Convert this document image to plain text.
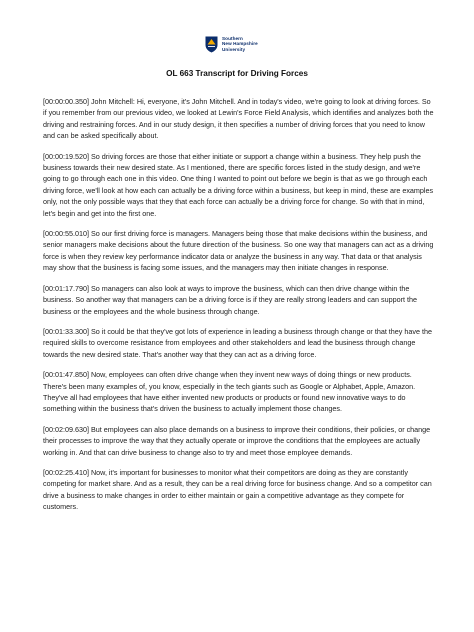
Southern
New Hampshire
University
OL 663 Transcript for Driving Forces

[00:00:00.350] John Mitchell: Hi, everyone, it's John Mitchell. And in today's video, we're going to look at driving forces. So if you remember from our previous video, we looked at Lewin's Force Field Analysis, which identifies and analyzes both the driving and restraining forces. And in our study design, it then specifies a number of driving forces that you need to know and can be asked specifically about.

[00:00:19.520] So driving forces are those that either initiate or support a change within a business. They help push the business towards their new desired state. As I mentioned, there are specific forces listed in the study design, and we're going to go through each one in this video. One thing I wanted to point out before we begin is that as we go through each driving force, we'll look at how each can actually be a driving force within a business, but keep in mind, these are examples only, not the only possible ways that they that each force can actually be a driving force for change. So with that in mind, let's begin and get into the first one.

[00:00:55.010] So our first driving force is managers. Managers being those that make decisions within the business, and senior managers make decisions about the future direction of the business. So one way that managers can act as a driving force is when they review key performance indicator data or analyze the business in any way. That data or that analysis may show that the business is facing some issues, and the managers may then initiate changes in response.

[00:01:17.790] So managers can also look at ways to improve the business, which can then drive change within the business. So another way that managers can be a driving force is if they are really strong leaders and can support the business or the employees and the whole business through change.

[00:01:33.300] So it could be that they've got lots of experience in leading a business through change or that they have the required skills to overcome resistance from employees and other stakeholders and lead the business through change towards the new desired state. That's another way that they can act as a driving force.

[00:01:47.850] Now, employees can often drive change when they invent new ways of doing things or new products. There's been many examples of, you know, especially in the tech giants such as Google or Alphabet, Apple, Amazon. They've all had employees that have either invented new products or products or found new innovative ways to do something within the business that's driven the business to actually implement those changes.

[00:02:09.630] But employees can also place demands on a business to improve their conditions, their policies, or change their processes to improve the way that they actually operate or improve the conditions that the employees are actually working in. And that can drive business to change also to try and meet those employee demands.

[00:02:25.410] Now, it's important for businesses to monitor what their competitors are doing as they are constantly competing for market share. And as a result, they can be a real driving force for business change. And so a competitor can drive a business to make changes in order to either maintain or gain a competitive advantage as they compete for customers.
